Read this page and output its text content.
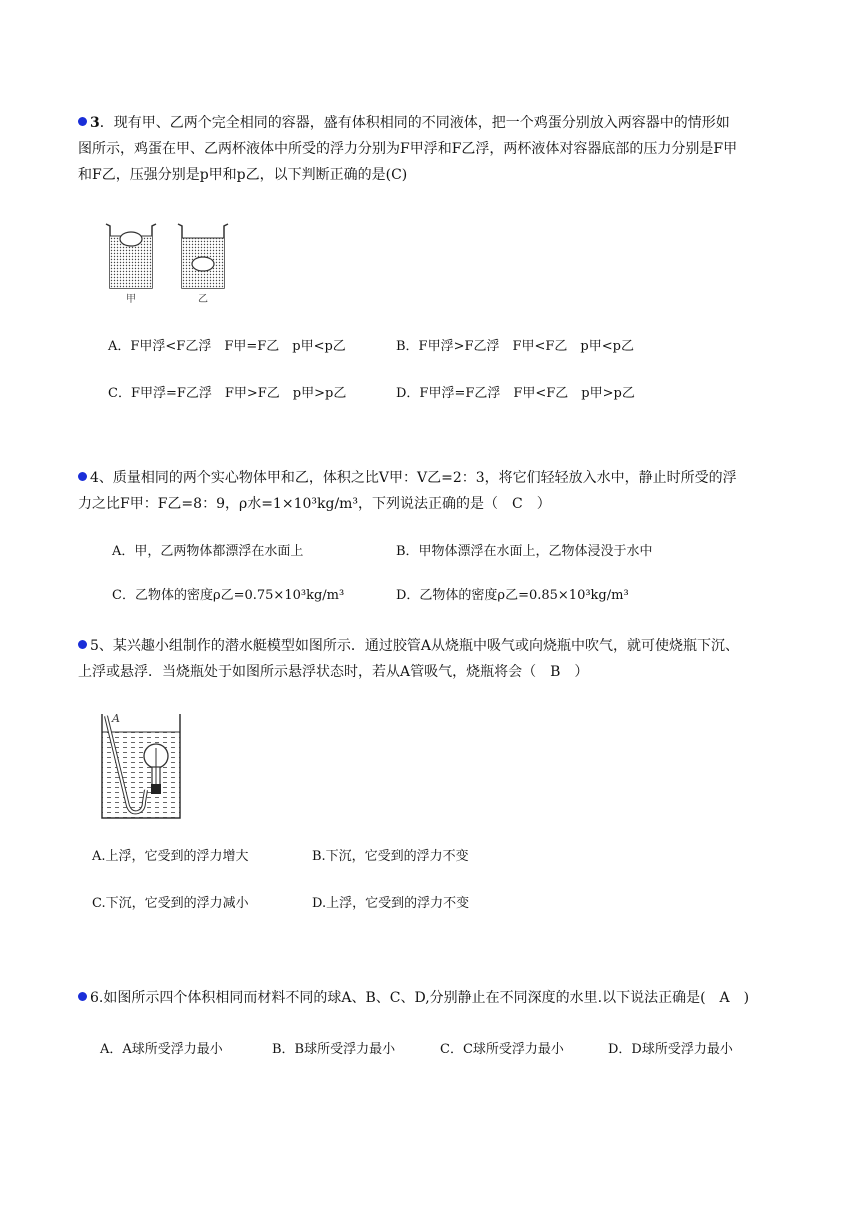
3．现有甲、乙两个完全相同的容器，盛有体积相同的不同液体，把一个鸡蛋分别放入两容器中的情形如
图所示，鸡蛋在甲、乙两杯液体中所受的浮力分别为F甲浮和F乙浮，两杯液体对容器底部的压力分别是F甲
和F乙，压强分别是p甲和p乙，以下判断正确的是(C)
甲	乙
A．F甲浮<F乙浮　F甲=F乙　p甲<p乙	B．F甲浮>F乙浮　F甲<F乙　p甲<p乙
C．F甲浮=F乙浮　F甲>F乙　p甲>p乙	D．F甲浮=F乙浮　F甲<F乙　p甲>p乙
4、质量相同的两个实心物体甲和乙，体积之比V甲：V乙=2：3，将它们轻轻放入水中，静止时所受的浮
力之比F甲：F乙=8：9，ρ水=1×10³kg/m³，下列说法正确的是（　C　）
A．甲，乙两物体都漂浮在水面上	B．甲物体漂浮在水面上，乙物体浸没于水中
C．乙物体的密度ρ乙=0.75×10³kg/m³	D．乙物体的密度ρ乙=0.85×10³kg/m³
5、某兴趣小组制作的潜水艇模型如图所示．通过胶管A从烧瓶中吸气或向烧瓶中吹气，就可使烧瓶下沉、
上浮或悬浮．当烧瓶处于如图所示悬浮状态时，若从A管吸气，烧瓶将会（　B　）
A
A.上浮，它受到的浮力增大	B.下沉，它受到的浮力不变
C.下沉，它受到的浮力减小	D.上浮，它受到的浮力不变
6.如图所示四个体积相同而材料不同的球A、B、C、D,分别静止在不同深度的水里.以下说法正确是(　A　)
A．A球所受浮力最小	B．B球所受浮力最小	C．C球所受浮力最小	D．D球所受浮力最小
